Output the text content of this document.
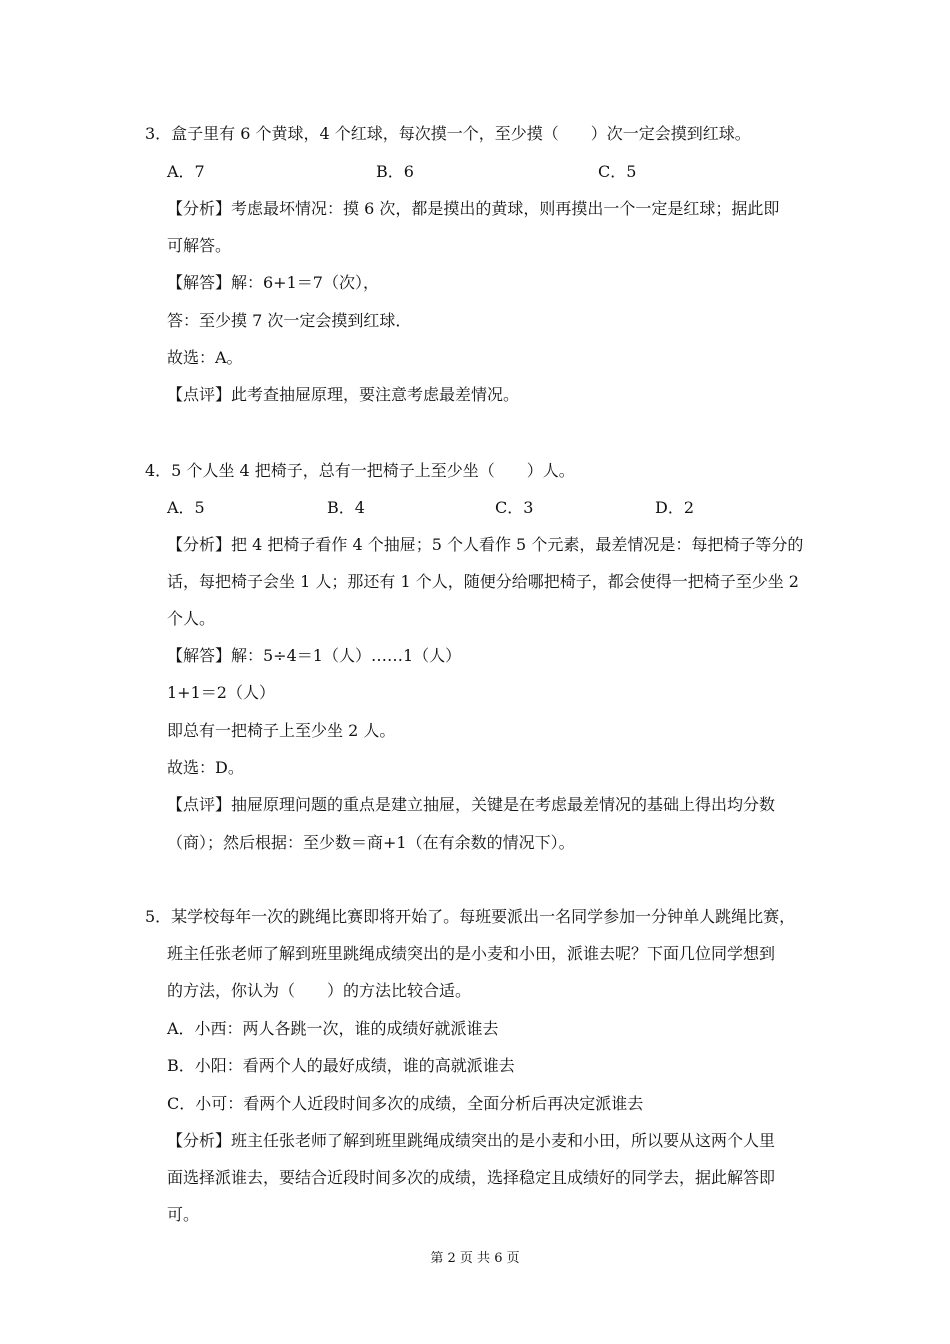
3．盒子里有 6 个黄球，4 个红球，每次摸一个，至少摸（　　）次一定会摸到红球。
A．7	B．6	C．5
【分析】考虑最坏情况：摸 6 次，都是摸出的黄球，则再摸出一个一定是红球；据此即
可解答。
【解答】解：6+1＝7（次），
答：至少摸 7 次一定会摸到红球．
故选：A。
【点评】此考查抽屉原理，要注意考虑最差情况。
4．5 个人坐 4 把椅子，总有一把椅子上至少坐（　　）人。
A．5	B．4	C．3	D．2
【分析】把 4 把椅子看作 4 个抽屉；5 个人看作 5 个元素，最差情况是：每把椅子等分的
话，每把椅子会坐 1 人；那还有 1 个人，随便分给哪把椅子，都会使得一把椅子至少坐 2
个人。
【解答】解：5÷4＝1（人）……1（人）
1+1＝2（人）
即总有一把椅子上至少坐 2 人。
故选：D。
【点评】抽屉原理问题的重点是建立抽屉，关键是在考虑最差情况的基础上得出均分数
（商）；然后根据：至少数＝商+1（在有余数的情况下）。
5．某学校每年一次的跳绳比赛即将开始了。每班要派出一名同学参加一分钟单人跳绳比赛，
班主任张老师了解到班里跳绳成绩突出的是小麦和小田，派谁去呢？下面几位同学想到
的方法，你认为（　　）的方法比较合适。
A．小西：两人各跳一次，谁的成绩好就派谁去
B．小阳：看两个人的最好成绩，谁的高就派谁去
C．小可：看两个人近段时间多次的成绩，全面分析后再决定派谁去
【分析】班主任张老师了解到班里跳绳成绩突出的是小麦和小田，所以要从这两个人里
面选择派谁去，要结合近段时间多次的成绩，选择稳定且成绩好的同学去，据此解答即
可。
第 2 页 共 6 页
